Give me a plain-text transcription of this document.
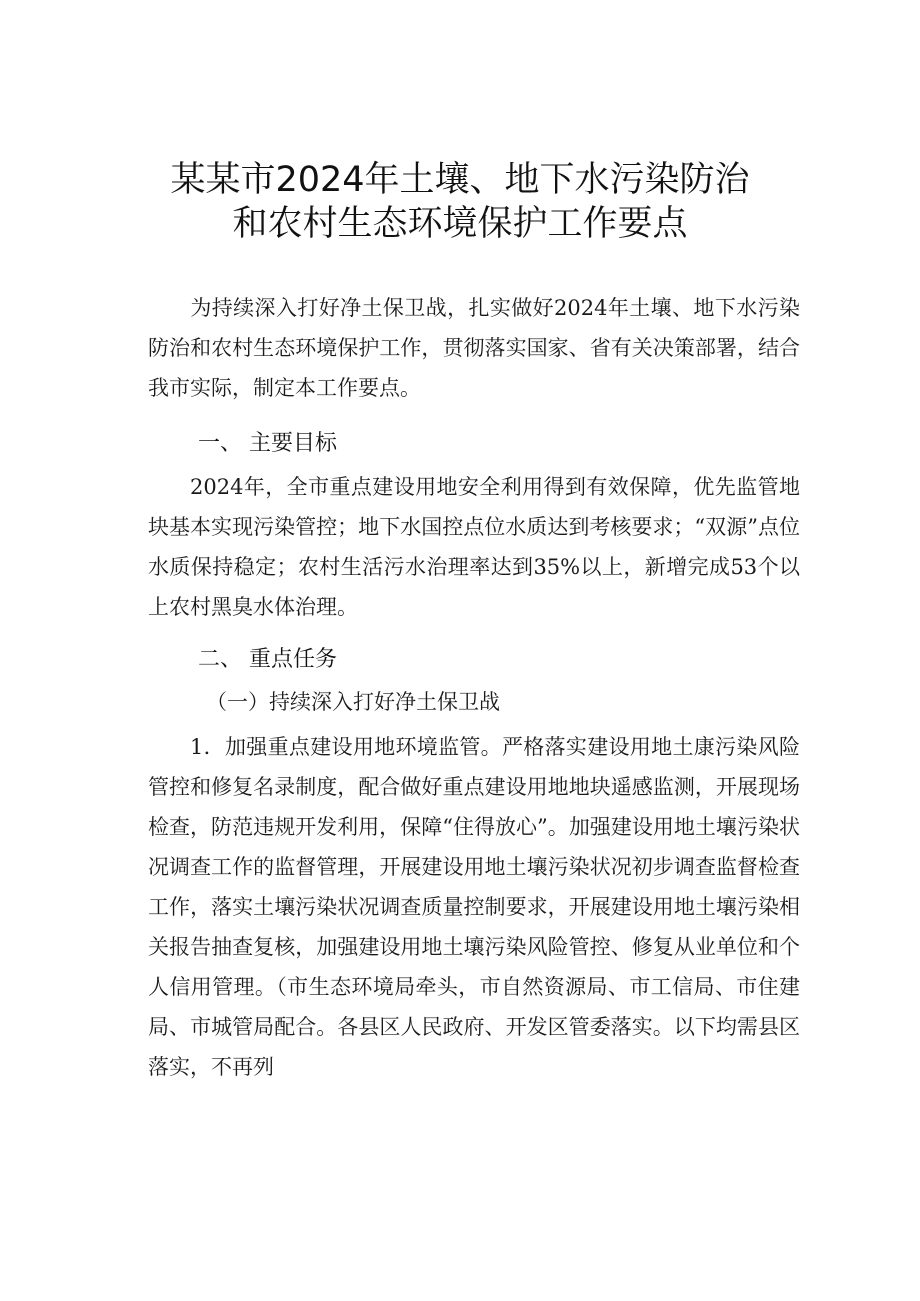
某某市2024年土壤、地下水污染防治
和农村生态环境保护工作要点

为持续深入打好净土保卫战，扎实做好2024年土壤、地下水污染防治和农村生态环境保护工作，贯彻落实国家、省有关决策部署，结合我市实际，制定本工作要点。

一、 主要目标

2024年，全市重点建设用地安全利用得到有效保障，优先监管地块基本实现污染管控；地下水国控点位水质达到考核要求；“双源”点位水质保持稳定；农村生活污水治理率达到35%以上，新增完成53个以上农村黑臭水体治理。

二、 重点任务
（一）持续深入打好净土保卫战

1．加强重点建设用地环境监管。严格落实建设用地土康污染风险管控和修复名录制度，配合做好重点建设用地地块遥感监测，开展现场检查，防范违规开发利用，保障“住得放心”。加强建设用地土壤污染状况调查工作的监督管理，开展建设用地土壤污染状况初步调查监督检查工作，落实土壤污染状况调查质量控制要求，开展建设用地土壤污染相关报告抽查复核，加强建设用地土壤污染风险管控、修复从业单位和个人信用管理。（市生态环境局牵头，市自然资源局、市工信局、市住建局、市城管局配合。各县区人民政府、开发区管委落实。以下均需县区落实，不再列
